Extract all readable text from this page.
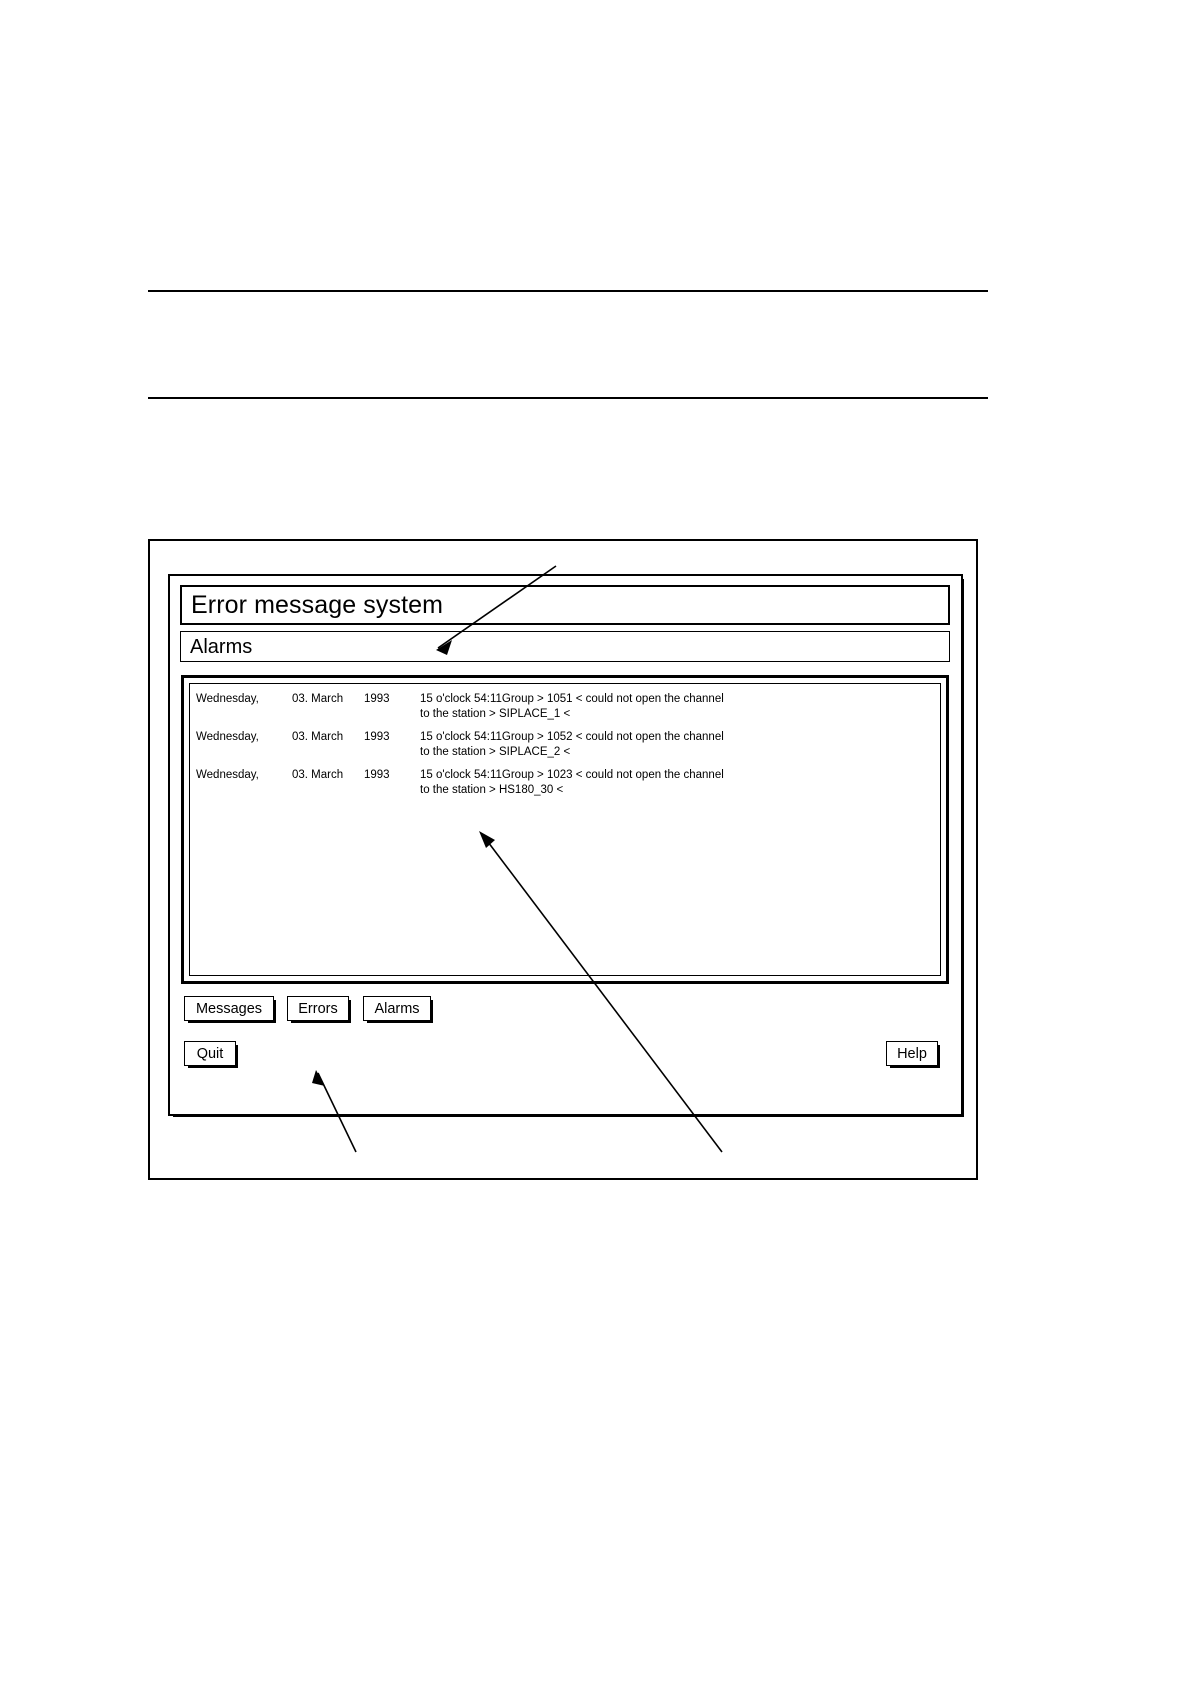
Error message system
Alarms
Wednesday,	03. March	1993	15 o'clock 54:11Group > 1051 < could not open the channel
to the station > SIPLACE_1 <
Wednesday,	03. March	1993	15 o'clock 54:11Group > 1052 < could not open the channel
to the station > SIPLACE_2 <
Wednesday,	03. March	1993	15 o'clock 54:11Group > 1023 < could not open the channel
to the station > HS180_30 <
Messages Errors	Alarms
Quit	Help
